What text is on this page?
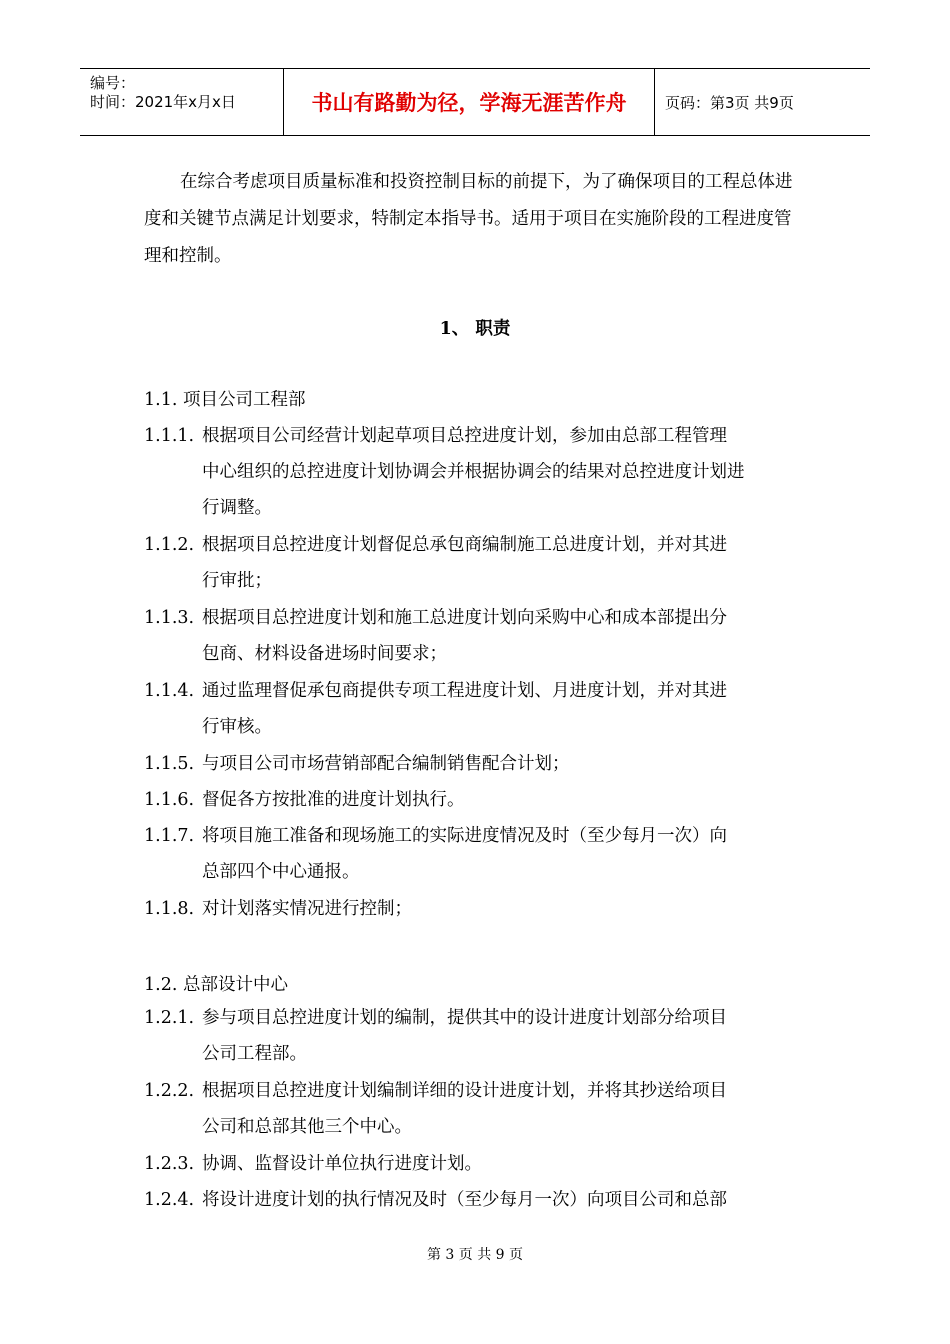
编号：
时间：2021年x月x日	书山有路勤为径，学海无涯苦作舟	页码：第3页 共9页

在综合考虑项目质量标准和投资控制目标的前提下，为了确保项目的工程总体进度和关键节点满足计划要求，特制定本指导书。适用于项目在实施阶段的工程进度管理和控制。

1、 职责
1.1. 项目公司工程部
1.1.1. 根据项目公司经营计划起草项目总控进度计划，参加由总部工程管理
中心组织的总控进度计划协调会并根据协调会的结果对总控进度计划进
行调整。
1.1.2. 根据项目总控进度计划督促总承包商编制施工总进度计划，并对其进
行审批；
1.1.3. 根据项目总控进度计划和施工总进度计划向采购中心和成本部提出分
包商、材料设备进场时间要求；
1.1.4. 通过监理督促承包商提供专项工程进度计划、月进度计划，并对其进
行审核。
1.1.5. 与项目公司市场营销部配合编制销售配合计划；
1.1.6. 督促各方按批准的进度计划执行。
1.1.7. 将项目施工准备和现场施工的实际进度情况及时（至少每月一次）向
总部四个中心通报。
1.1.8. 对计划落实情况进行控制；
1.2. 总部设计中心
1.2.1. 参与项目总控进度计划的编制，提供其中的设计进度计划部分给项目
公司工程部。
1.2.2. 根据项目总控进度计划编制详细的设计进度计划，并将其抄送给项目
公司和总部其他三个中心。
1.2.3. 协调、监督设计单位执行进度计划。
1.2.4. 将设计进度计划的执行情况及时（至少每月一次）向项目公司和总部
第 3 页 共 9 页
